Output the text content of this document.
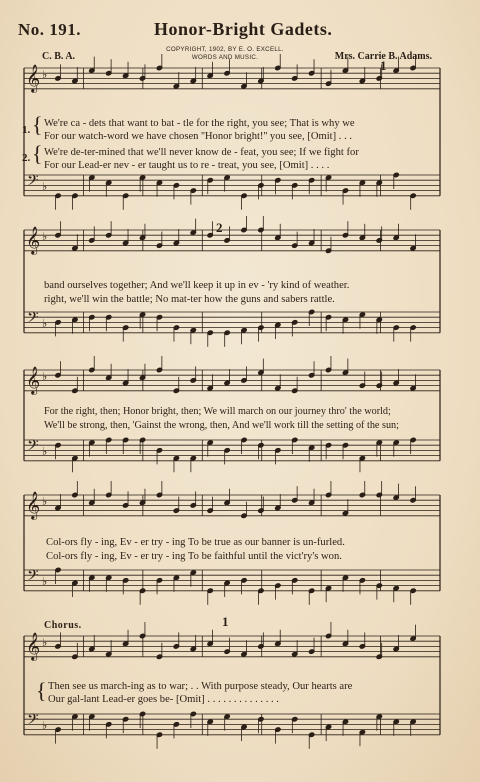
No. 191.	Honor-Bright Gadets.
C. B. A.
COPYRIGHT, 1902, BY E. O. EXCELL.
WORDS AND MUSIC.	Mrs. Carrie B. Adams.
𝄞
𝄢
♭
♭
𝄞
𝄢
♭
♭
𝄞
𝄢
♭
♭
𝄞
𝄢
♭
♭
𝄞
𝄢
♭
♭
1
2
1
1. { We're ca - dets that want to bat - tle for the right, you see; That is why we
For our watch-word we have chosen ''Honor bright!'' you see, [Omit] . . .
2. { We're de-ter-mined that we'll never know de - feat, you see; If we fight for
For our Lead-er nev - er taught us to re - treat, you see, [Omit] . . . .
band ourselves together; And we'll keep it up in ev - 'ry kind of weather.
right, we'll win the battle; No mat-ter how the guns and sabers rattle.
For the right, then; Honor bright, then; We will march on our journey thro' the world;
We'll be strong, then, 'Gainst the wrong, then, And we'll work till the setting of the sun;
Col-ors fly - ing, Ev - er try - ing To be true as our banner is un-furled.
Col-ors fly - ing, Ev - er try - ing To be faithful until the vict'ry's won.
Chorus.
{ Then see us march-ing as to war; . . With purpose steady, Our hearts are
Our gal-lant Lead-er goes be- [Omit] . . . . . . . . . . . . . .
